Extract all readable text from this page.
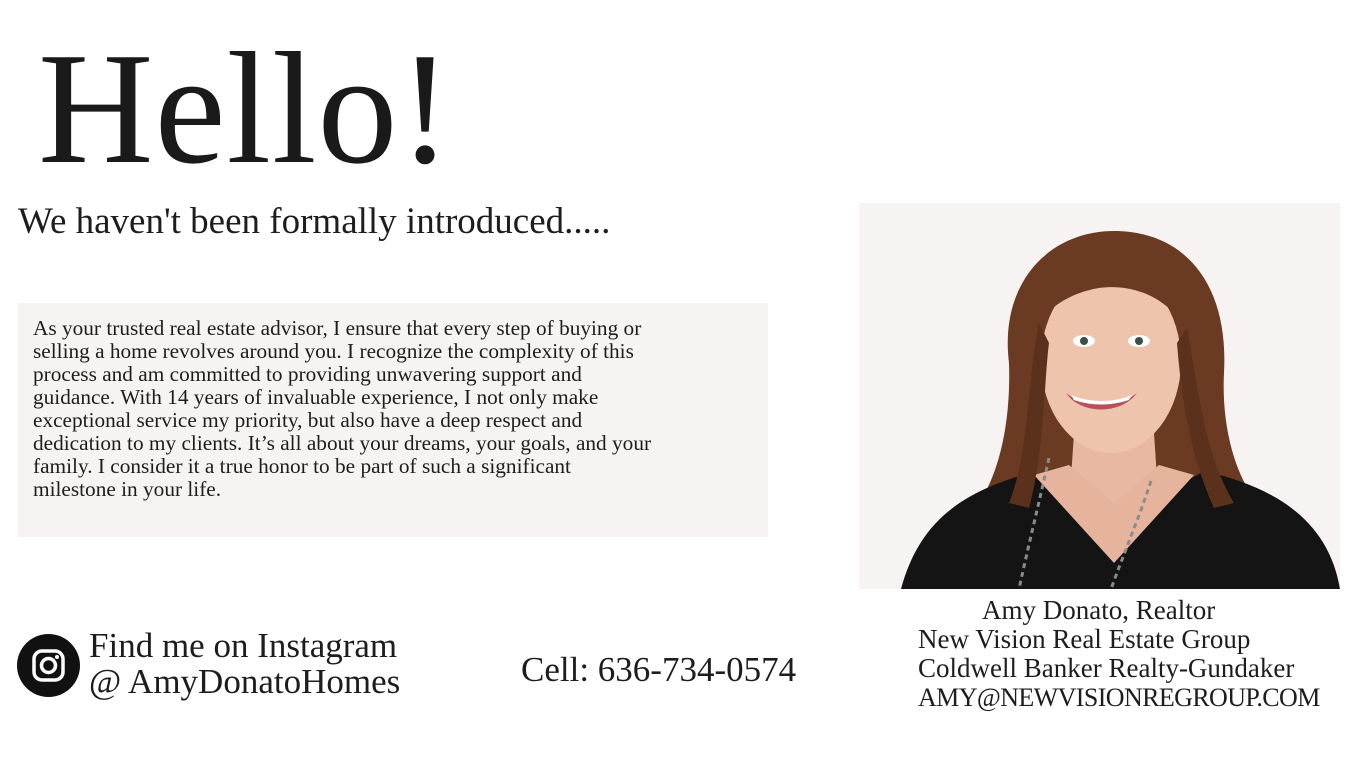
Hello!
We haven't been formally introduced.....

As your trusted real estate advisor, I ensure that every step of buying or selling a home revolves around you. I recognize the complexity of this process and am committed to providing unwavering support and guidance. With 14 years of invaluable experience, I not only make exceptional service my priority, but also have a deep respect and dedication to my clients. It’s all about your dreams, your goals, and your family. I consider it a true honor to be part of such a significant milestone in your life.

Amy Donato, Realtor
New Vision Real Estate Group
Coldwell Banker Realty-Gundaker
AMY@NEWVISIONREGROUP.COM
Find me on Instagram
@ AmyDonatoHomes	Cell: 636-734-0574
